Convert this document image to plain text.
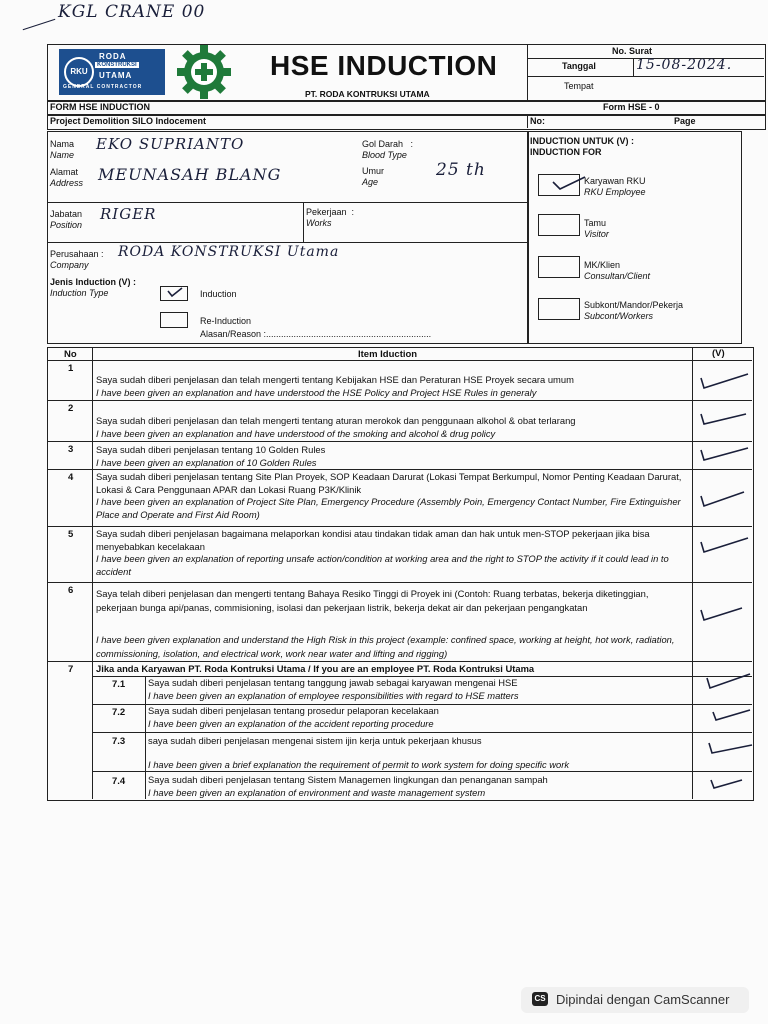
KGL CRANE 00
RKU
RODA
KONSTRUKSI
UTAMA
GENERAL CONTRACTOR
HSE INDUCTION
PT. RODA KONTRUKSI UTAMA
No. Surat
Tanggal	15-08-2024.
Tempat
FORM HSE INDUCTION	Form HSE - 0
Project Demolition SILO Indocement	No:	Page
Nama
Name
EKO SUPRIANTO
Alamat
Address MEUNASAH BLANG
Gol Darah   :
Blood Type
Umur
Age
25 th
Jabatan
Position
RIGER	Pekerjaan  :
Works
Perusahaan :
Company
RODA KONSTRUKSI Utama
Jenis Induction (V) :
Induction Type	Induction
Re-Induction
Alasan/Reason :..................................................................
INDUCTION UNTUK (V) :
INDUCTION FOR
Karyawan RKU
RKU Employee
Tamu
Visitor
MK/Klien
Consultan/Client
Subkont/Mandor/Pekerja
Subcont/Workers
No	Item Iduction	(V)
1
Saya sudah diberi penjelasan dan telah mengerti tentang Kebijakan HSE dan Peraturan HSE Proyek secara umum
I have been given an explanation and have understood the HSE Policy and Project HSE Rules in generaly
2
Saya sudah diberi penjelasan dan telah mengerti tentang aturan merokok dan penggunaan alkohol & obat terlarang
I have been given an explanation and have understood of the smoking and alcohol & drug policy
3 Saya sudah diberi penjelasan tentang 10 Golden Rules
I have been given an explanation of 10 Golden Rules
4 Saya sudah diberi penjelasan tentang Site Plan Proyek, SOP Keadaan Darurat (Lokasi Tempat Berkumpul, Nomor Penting Keadaan Darurat, Lokasi & Cara Penggunaan APAR dan Lokasi Ruang P3K/Klinik
I have been given an explanation of Project Site Plan, Emergency Procedure (Assembly Poin, Emergency Contact Number, Fire Extinguisher Place and Operate and First Aid Room)
5 Saya sudah diberi penjelasan bagaimana melaporkan kondisi atau tindakan tidak aman dan hak untuk men-STOP pekerjaan jika bisa menyebabkan kecelakaan
I have been given an explanation of reporting unsafe action/condition at working area and the right to STOP the activity if it could lead in to accident
6 Saya telah diberi penjelasan dan mengerti tentang Bahaya Resiko Tinggi di Proyek ini (Contoh: Ruang terbatas, bekerja diketinggian, pekerjaan bunga api/panas, commisioning, isolasi dan pekerjaan listrik, bekerja dekat air dan pekerjaan pengangkatan
I have been given explanation and understand the High Risk in this project (example: confined space, working at height, hot work, radiation, commissioning, isolation, and electrical work, work near water and lifting and rigging)
7 Jika anda Karyawan PT. Roda Kontruksi Utama / If you are an employee PT. Roda Kontruksi Utama
7.1 Saya sudah diberi penjelasan tentang tanggung jawab sebagai karyawan mengenai HSE
I have been given an explanation of employee responsibilities with regard to HSE matters
7.2 Saya sudah diberi penjelasan tentang prosedur pelaporan kecelakaan
I have been given an explanation of the accident reporting procedure
7.3 saya sudah diberi penjelasan mengenai sistem ijin kerja untuk pekerjaan khusus
I have been given a brief explanation the requirement of permit to work system for doing specific work
7.4 Saya sudah diberi penjelasan tentang Sistem Managemen lingkungan dan penanganan sampah
I have been given an explanation of environment and waste management system
CS Dipindai dengan CamScanner
